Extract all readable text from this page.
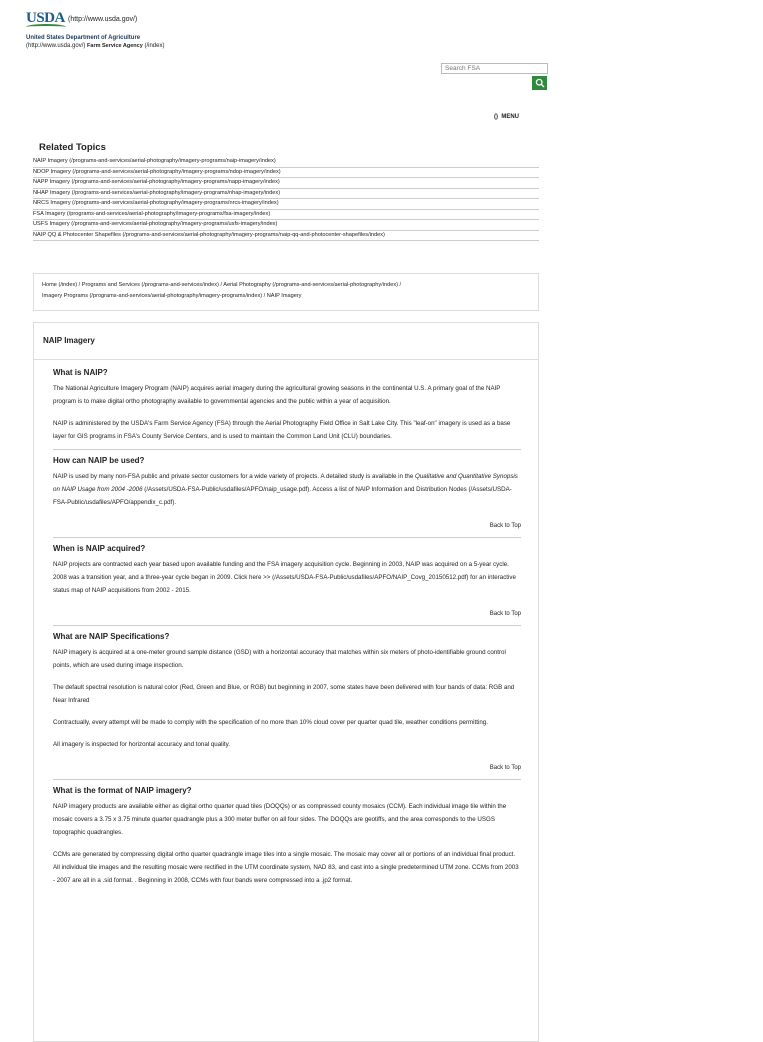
USDA (http://www.usda.gov/)
United States Department of Agriculture
(http://www.usda.gov/) Farm Service Agency (/index)
Search FSA
() MENU
Related Topics
NAIP Imagery (/programs-and-services/aerial-photography/imagery-programs/naip-imagery/index)
NDOP Imagery (/programs-and-services/aerial-photography/imagery-programs/ndop-imagery/index)
NAPP Imagery (/programs-and-services/aerial-photography/imagery-programs/napp-imagery/index)
NHAP Imagery (/programs-and-services/aerial-photography/imagery-programs/nhap-imagery/index)
NRCS Imagery (/programs-and-services/aerial-photography/imagery-programs/nrcs-imagery/index)
FSA Imagery (/programs-and-services/aerial-photography/imagery-programs/fsa-imagery/index)
USFS Imagery (/programs-and-services/aerial-photography/imagery-programs/usfs-imagery/index)
NAIP QQ & Photocenter Shapefiles (/programs-and-services/aerial-photography/imagery-programs/naip-qq-and-photocenter-shapefiles/index)
Home (/index) / Programs and Services (/programs-and-services/index) / Aerial Photography (/programs-and-services/aerial-photography/index) /
Imagery Programs (/programs-and-services/aerial-photography/imagery-programs/index) / NAIP Imagery
NAIP Imagery
What is NAIP?

The National Agriculture Imagery Program (NAIP) acquires aerial imagery during the agricultural growing seasons in the continental U.S. A primary goal of the NAIP program is to make digital ortho photography available to governmental agencies and the public within a year of acquisition.

NAIP is administered by the USDA's Farm Service Agency (FSA) through the Aerial Photography Field Office in Salt Lake City. This "leaf-on" imagery is used as a base layer for GIS programs in FSA's County Service Centers, and is used to maintain the Common Land Unit (CLU) boundaries.

How can NAIP be used?

NAIP is used by many non-FSA public and private sector customers for a wide variety of projects. A detailed study is available in the Qualitative and Quantitative Synopsis on NAIP Usage from 2004 -2006 (/Assets/USDA-FSA-Public/usdafiles/APFO/naip_usage.pdf). Access a list of NAIP Information and Distribution Nodes (/Assets/USDA-FSA-Public/usdafiles/APFO/appendix_c.pdf).

Back to Top
When is NAIP acquired?

NAIP projects are contracted each year based upon available funding and the FSA imagery acquisition cycle. Beginning in 2003, NAIP was acquired on a 5-year cycle. 2008 was a transition year, and a three-year cycle began in 2009. Click here >> (/Assets/USDA-FSA-Public/usdafiles/APFO/NAIP_Covg_20150512.pdf) for an interactive status map of NAIP acquisitions from 2002 - 2015.

Back to Top
What are NAIP Specifications?

NAIP imagery is acquired at a one-meter ground sample distance (GSD) with a horizontal accuracy that matches within six meters of photo-identifiable ground control points, which are used during image inspection.

The default spectral resolution is natural color (Red, Green and Blue, or RGB) but beginning in 2007, some states have been delivered with four bands of data: RGB and Near Infrared

Contractually, every attempt will be made to comply with the specification of no more than 10% cloud cover per quarter quad tile, weather conditions permitting.

All imagery is inspected for horizontal accuracy and tonal quality.

Back to Top
What is the format of NAIP imagery?

NAIP imagery products are available either as digital ortho quarter quad tiles (DOQQs) or as compressed county mosaics (CCM). Each individual image tile within the mosaic covers a 3.75 x 3.75 minute quarter quadrangle plus a 300 meter buffer on all four sides. The DOQQs are geotiffs, and the area corresponds to the USGS topographic quadrangles.

CCMs are generated by compressing digital ortho quarter quadrangle image tiles into a single mosaic. The mosaic may cover all or portions of an individual final product. All individual tile images and the resulting mosaic were rectified in the UTM coordinate system, NAD 83, and cast into a single predetermined UTM zone. CCMs from 2003 - 2007 are all in a .sid format. . Beginning in 2008, CCMs with four bands were compressed into a .jp2 format.
